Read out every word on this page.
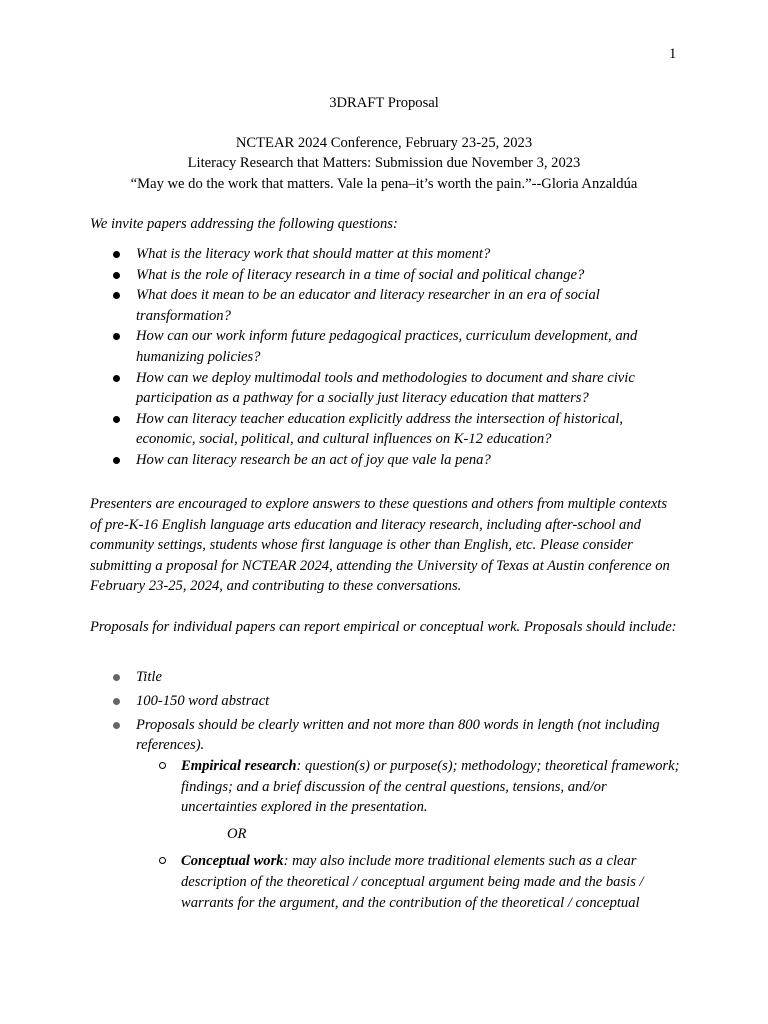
1
3DRAFT Proposal
NCTEAR 2024 Conference, February 23-25, 2023
Literacy Research that Matters: Submission due November 3, 2023
“May we do the work that matters. Vale la pena–it’s worth the pain.”--Gloria Anzaldúa
We invite papers addressing the following questions:
What is the literacy work that should matter at this moment?
What is the role of literacy research in a time of social and political change?
What does it mean to be an educator and literacy researcher in an era of social transformation?
How can our work inform future pedagogical practices, curriculum development, and humanizing policies?
How can we deploy multimodal tools and methodologies to document and share civic participation as a pathway for a socially just literacy education that matters?
How can literacy teacher education explicitly address the intersection of historical, economic, social, political, and cultural influences on K-12 education?
How can literacy research be an act of joy que vale la pena?
Presenters are encouraged to explore answers to these questions and others from multiple contexts of pre-K-16 English language arts education and literacy research, including after-school and community settings, students whose first language is other than English, etc. Please consider submitting a proposal for NCTEAR 2024, attending the University of Texas at Austin conference on February 23-25, 2024, and contributing to these conversations.
Proposals for individual papers can report empirical or conceptual work. Proposals should include:
Title
100-150 word abstract
Proposals should be clearly written and not more than 800 words in length (not including references).
Empirical research: question(s) or purpose(s); methodology; theoretical framework; findings; and a brief discussion of the central questions, tensions, and/or uncertainties explored in the presentation.
OR
Conceptual work: may also include more traditional elements such as a clear description of the theoretical / conceptual argument being made and the basis / warrants for the argument, and the contribution of the theoretical / conceptual
